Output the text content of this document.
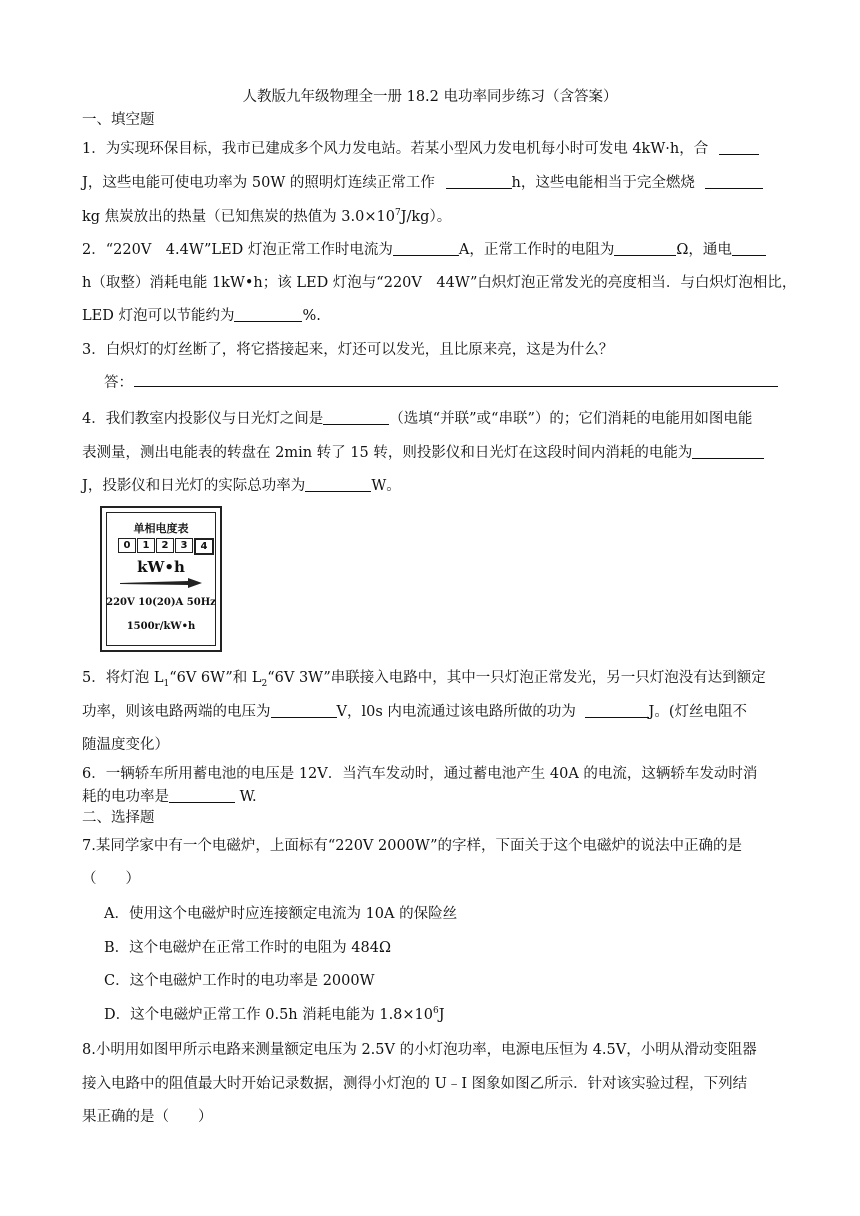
人教版九年级物理全一册 18.2 电功率同步练习（含答案）
一、填空题
1．为实现环保目标，我市已建成多个风力发电站。若某小型风力发电机每小时可发电 4kW·h，合
J，这些电能可使电功率为 50W 的照明灯连续正常工作	h，这些电能相当于完全燃烧
kg 焦炭放出的热量（已知焦炭的热值为 $3.0\times 10^7J/kg$）。
2．“220V　4.4W”LED 灯泡正常工作时电流为	A，正常工作时的电阻为	Ω，通电
h（取整）消耗电能 1kW•h；该 LED 灯泡与“220V　44W”白炽灯泡正常发光的亮度相当．与白炽灯泡相比，
LED 灯泡可以节能约为	%.
3．白炽灯的灯丝断了，将它搭接起来，灯还可以发光，且比原来亮，这是为什么？
答：
4．我们教室内投影仪与日光灯之间是	（选填“并联”或“串联”）的；它们消耗的电能用如图电能
表测量，测出电能表的转盘在 2min 转了 15 转，则投影仪和日光灯在这段时间内消耗的电能为
J，投影仪和日光灯的实际总功率为	W。
单相电度表
0	1	2	3	4
kW•h
220V 10(20)A 50Hz
1500r/kW•h
5．将灯泡 $L_1“6V$ 6W”和 $L_2“6V$ 3W”串联接入电路中，其中一只灯泡正常发光，另一只灯泡没有达到额定
功率，则该电路两端的电压为	V，l0s 内电流通过该电路所做的功为	J。(灯丝电阻不
随温度变化）
6．一辆轿车所用蓄电池的电压是 12V．当汽车发动时，通过蓄电池产生 40A 的电流，这辆轿车发动时消
耗的电功率是	W.
二、选择题
7.某同学家中有一个电磁炉，上面标有“220V 2000W”的字样，下面关于这个电磁炉的说法中正确的是
（　　）
A．使用这个电磁炉时应连接额定电流为 10A 的保险丝
B．这个电磁炉在正常工作时的电阻为 484Ω
C．这个电磁炉工作时的电功率是 2000W
D．这个电磁炉正常工作 0.5h 消耗电能为 $1.8\times 10^6J$
8.小明用如图甲所示电路来测量额定电压为 2.5V 的小灯泡功率，电源电压恒为 4.5V，小明从滑动变阻器
接入电路中的阻值最大时开始记录数据，测得小灯泡的 U﹣I 图象如图乙所示．针对该实验过程，下列结
果正确的是（　　）
